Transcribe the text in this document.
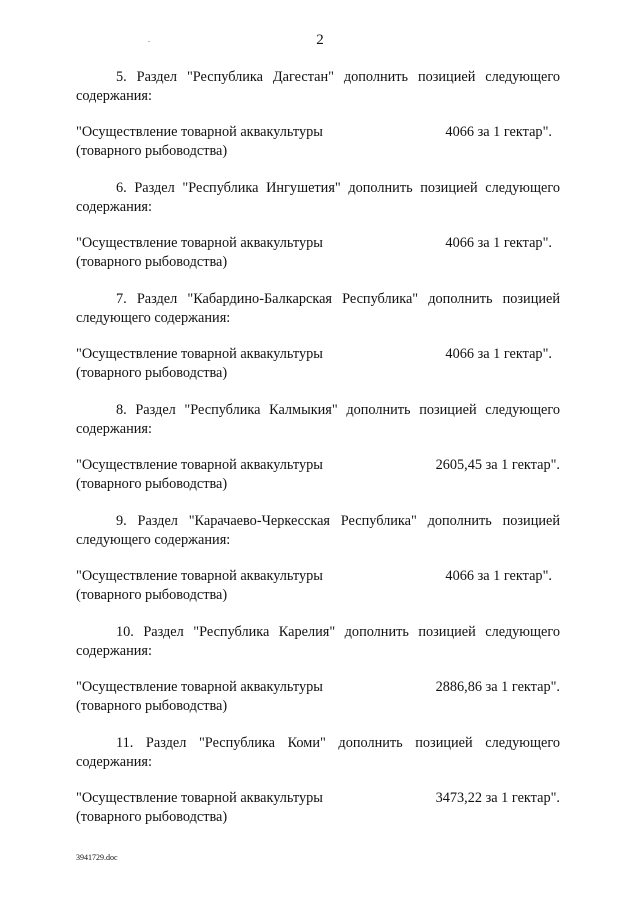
2

5. Раздел "Республика Дагестан" дополнить позицией следующего содержания:

"Осуществление товарной аквакультуры
(товарного рыбоводства)
4066 за 1 гектар".

6. Раздел "Республика Ингушетия" дополнить позицией следующего содержания:

"Осуществление товарной аквакультуры
(товарного рыбоводства)
4066 за 1 гектар".

7. Раздел "Кабардино-Балкарская Республика" дополнить позицией следующего содержания:

"Осуществление товарной аквакультуры
(товарного рыбоводства)
4066 за 1 гектар".

8. Раздел "Республика Калмыкия" дополнить позицией следующего содержания:

"Осуществление товарной аквакультуры
(товарного рыбоводства)
2605,45 за 1 гектар".

9. Раздел "Карачаево-Черкесская Республика" дополнить позицией следующего содержания:

"Осуществление товарной аквакультуры
(товарного рыбоводства)
4066 за 1 гектар".

10. Раздел "Республика Карелия" дополнить позицией следующего содержания:

"Осуществление товарной аквакультуры
(товарного рыбоводства)
2886,86 за 1 гектар".

11. Раздел "Республика Коми" дополнить позицией следующего содержания:

"Осуществление товарной аквакультуры
(товарного рыбоводства)
3473,22 за 1 гектар".
3941729.doc
